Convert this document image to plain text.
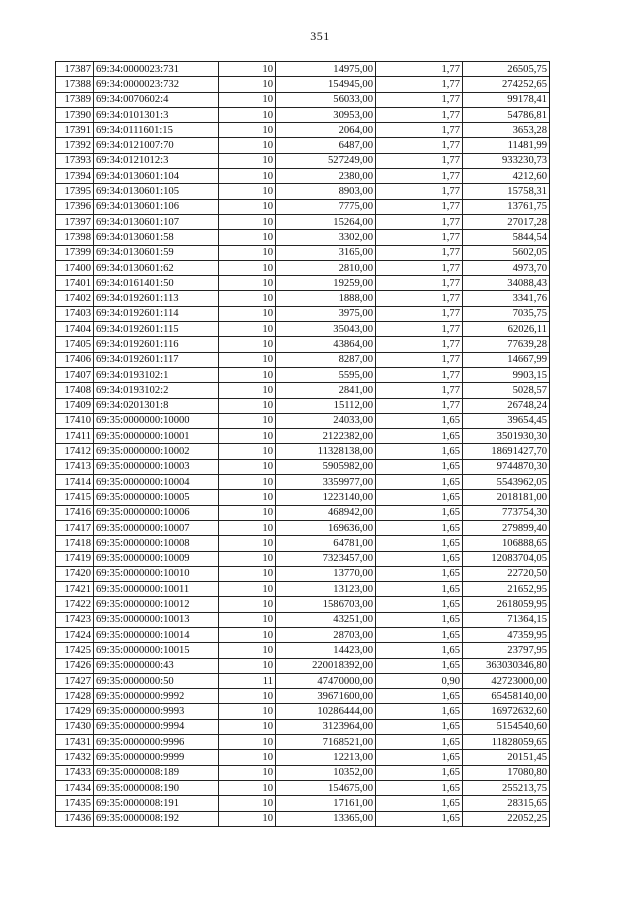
351
17387	69:34:0000023:731	10	14975,00	1,77	26505,75
17388	69:34:0000023:732	10	154945,00	1,77	274252,65
17389	69:34:0070602:4	10	56033,00	1,77	99178,41
17390	69:34:0101301:3	10	30953,00	1,77	54786,81
17391	69:34:0111601:15	10	2064,00	1,77	3653,28
17392	69:34:0121007:70	10	6487,00	1,77	11481,99
17393	69:34:0121012:3	10	527249,00	1,77	933230,73
17394	69:34:0130601:104	10	2380,00	1,77	4212,60
17395	69:34:0130601:105	10	8903,00	1,77	15758,31
17396	69:34:0130601:106	10	7775,00	1,77	13761,75
17397	69:34:0130601:107	10	15264,00	1,77	27017,28
17398	69:34:0130601:58	10	3302,00	1,77	5844,54
17399	69:34:0130601:59	10	3165,00	1,77	5602,05
17400	69:34:0130601:62	10	2810,00	1,77	4973,70
17401	69:34:0161401:50	10	19259,00	1,77	34088,43
17402	69:34:0192601:113	10	1888,00	1,77	3341,76
17403	69:34:0192601:114	10	3975,00	1,77	7035,75
17404	69:34:0192601:115	10	35043,00	1,77	62026,11
17405	69:34:0192601:116	10	43864,00	1,77	77639,28
17406	69:34:0192601:117	10	8287,00	1,77	14667,99
17407	69:34:0193102:1	10	5595,00	1,77	9903,15
17408	69:34:0193102:2	10	2841,00	1,77	5028,57
17409	69:34:0201301:8	10	15112,00	1,77	26748,24
17410	69:35:0000000:10000	10	24033,00	1,65	39654,45
17411	69:35:0000000:10001	10	2122382,00	1,65	3501930,30
17412	69:35:0000000:10002	10	11328138,00	1,65	18691427,70
17413	69:35:0000000:10003	10	5905982,00	1,65	9744870,30
17414	69:35:0000000:10004	10	3359977,00	1,65	5543962,05
17415	69:35:0000000:10005	10	1223140,00	1,65	2018181,00
17416	69:35:0000000:10006	10	468942,00	1,65	773754,30
17417	69:35:0000000:10007	10	169636,00	1,65	279899,40
17418	69:35:0000000:10008	10	64781,00	1,65	106888,65
17419	69:35:0000000:10009	10	7323457,00	1,65	12083704,05
17420	69:35:0000000:10010	10	13770,00	1,65	22720,50
17421	69:35:0000000:10011	10	13123,00	1,65	21652,95
17422	69:35:0000000:10012	10	1586703,00	1,65	2618059,95
17423	69:35:0000000:10013	10	43251,00	1,65	71364,15
17424	69:35:0000000:10014	10	28703,00	1,65	47359,95
17425	69:35:0000000:10015	10	14423,00	1,65	23797,95
17426	69:35:0000000:43	10	220018392,00	1,65	363030346,80
17427	69:35:0000000:50	11	47470000,00	0,90	42723000,00
17428	69:35:0000000:9992	10	39671600,00	1,65	65458140,00
17429	69:35:0000000:9993	10	10286444,00	1,65	16972632,60
17430	69:35:0000000:9994	10	3123964,00	1,65	5154540,60
17431	69:35:0000000:9996	10	7168521,00	1,65	11828059,65
17432	69:35:0000000:9999	10	12213,00	1,65	20151,45
17433	69:35:0000008:189	10	10352,00	1,65	17080,80
17434	69:35:0000008:190	10	154675,00	1,65	255213,75
17435	69:35:0000008:191	10	17161,00	1,65	28315,65
17436	69:35:0000008:192	10	13365,00	1,65	22052,25
